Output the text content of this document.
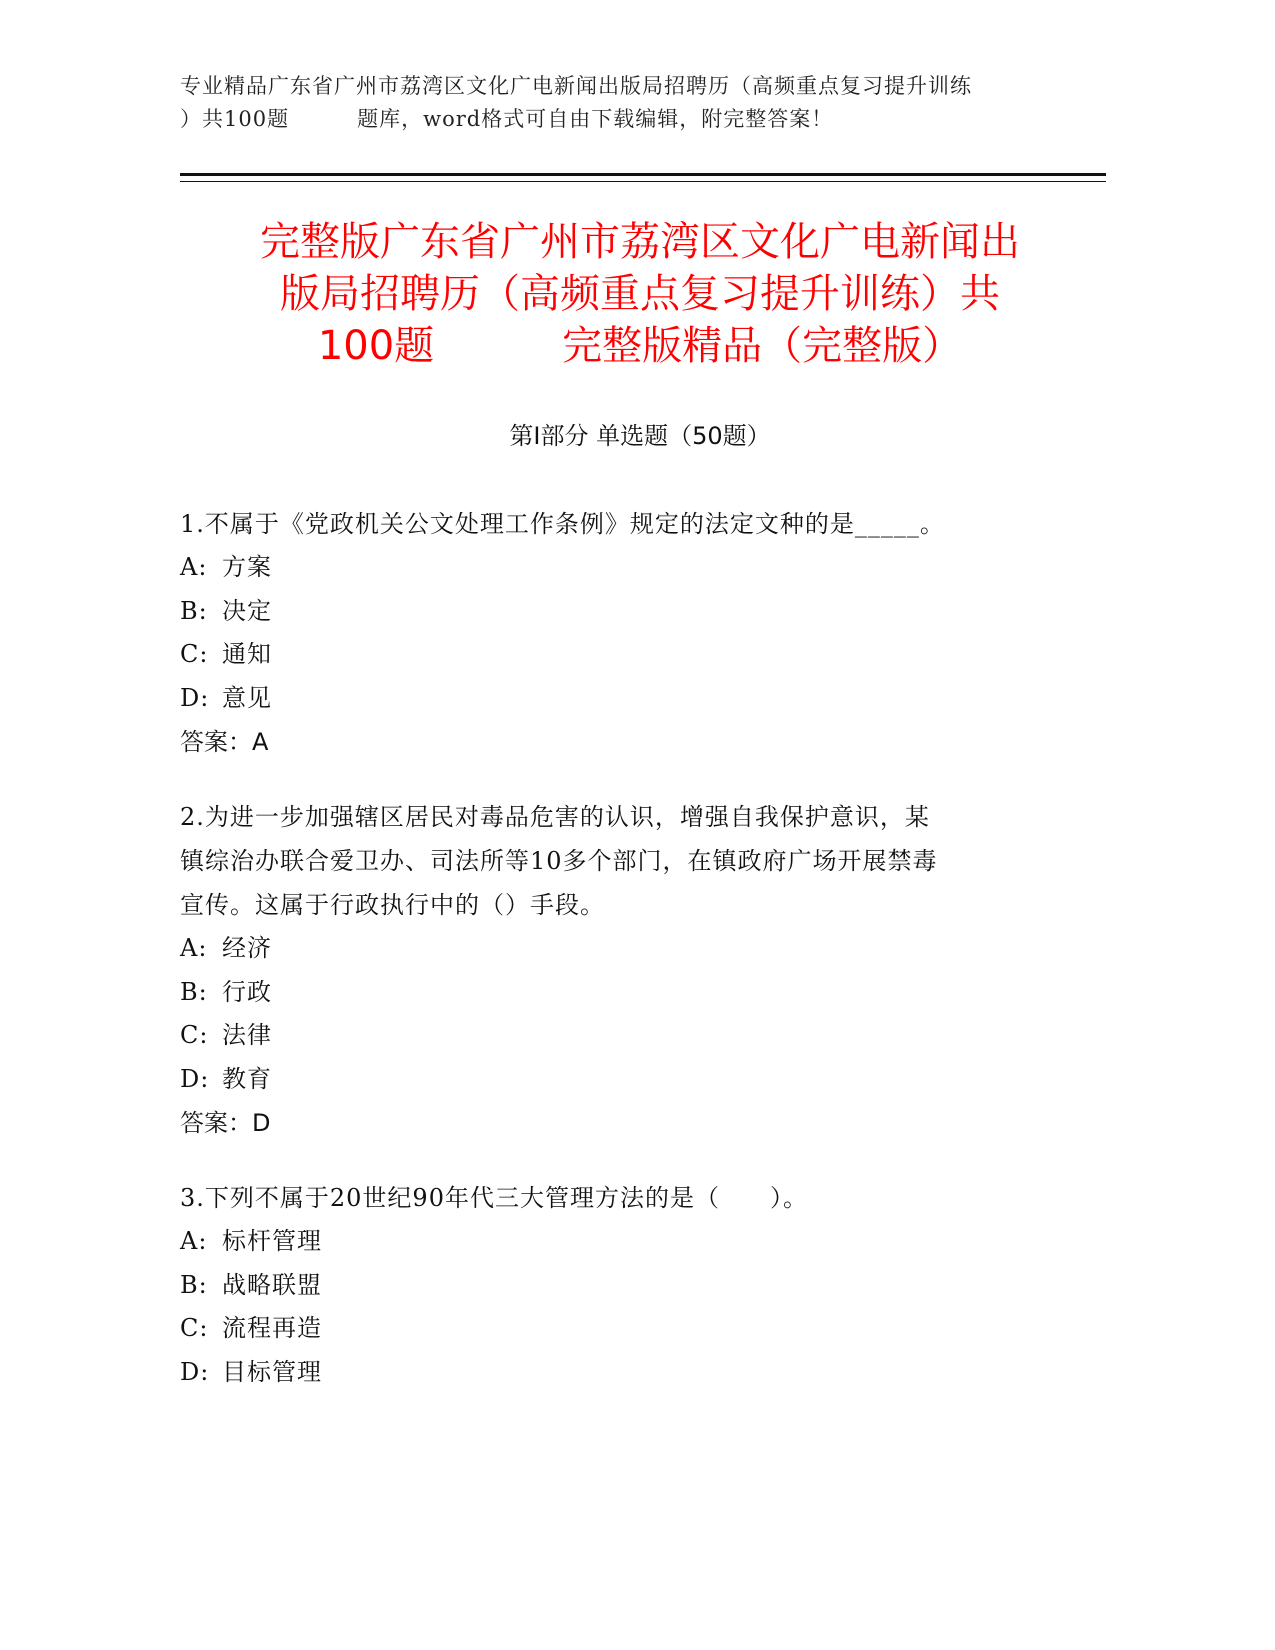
专业精品广东省广州市荔湾区文化广电新闻出版局招聘历（高频重点复习提升训练
）共100题	题库，word格式可自由下载编辑，附完整答案！
完整版广东省广州市荔湾区文化广电新闻出
版局招聘历（高频重点复习提升训练）共
100题	完整版精品（完整版）
第Ⅰ部分 单选题（50题）
1.不属于《党政机关公文处理工作条例》规定的法定文种的是_____。
A: 方案
B: 决定
C: 通知
D: 意见
答案：A
2.为进一步加强辖区居民对毒品危害的认识，增强自我保护意识，某
镇综治办联合爱卫办、司法所等10多个部门，在镇政府广场开展禁毒
宣传。这属于行政执行中的（）手段。
A: 经济
B: 行政
C: 法律
D: 教育
答案：D
3.下列不属于20世纪90年代三大管理方法的是（　　）。
A: 标杆管理
B: 战略联盟
C: 流程再造
D: 目标管理
